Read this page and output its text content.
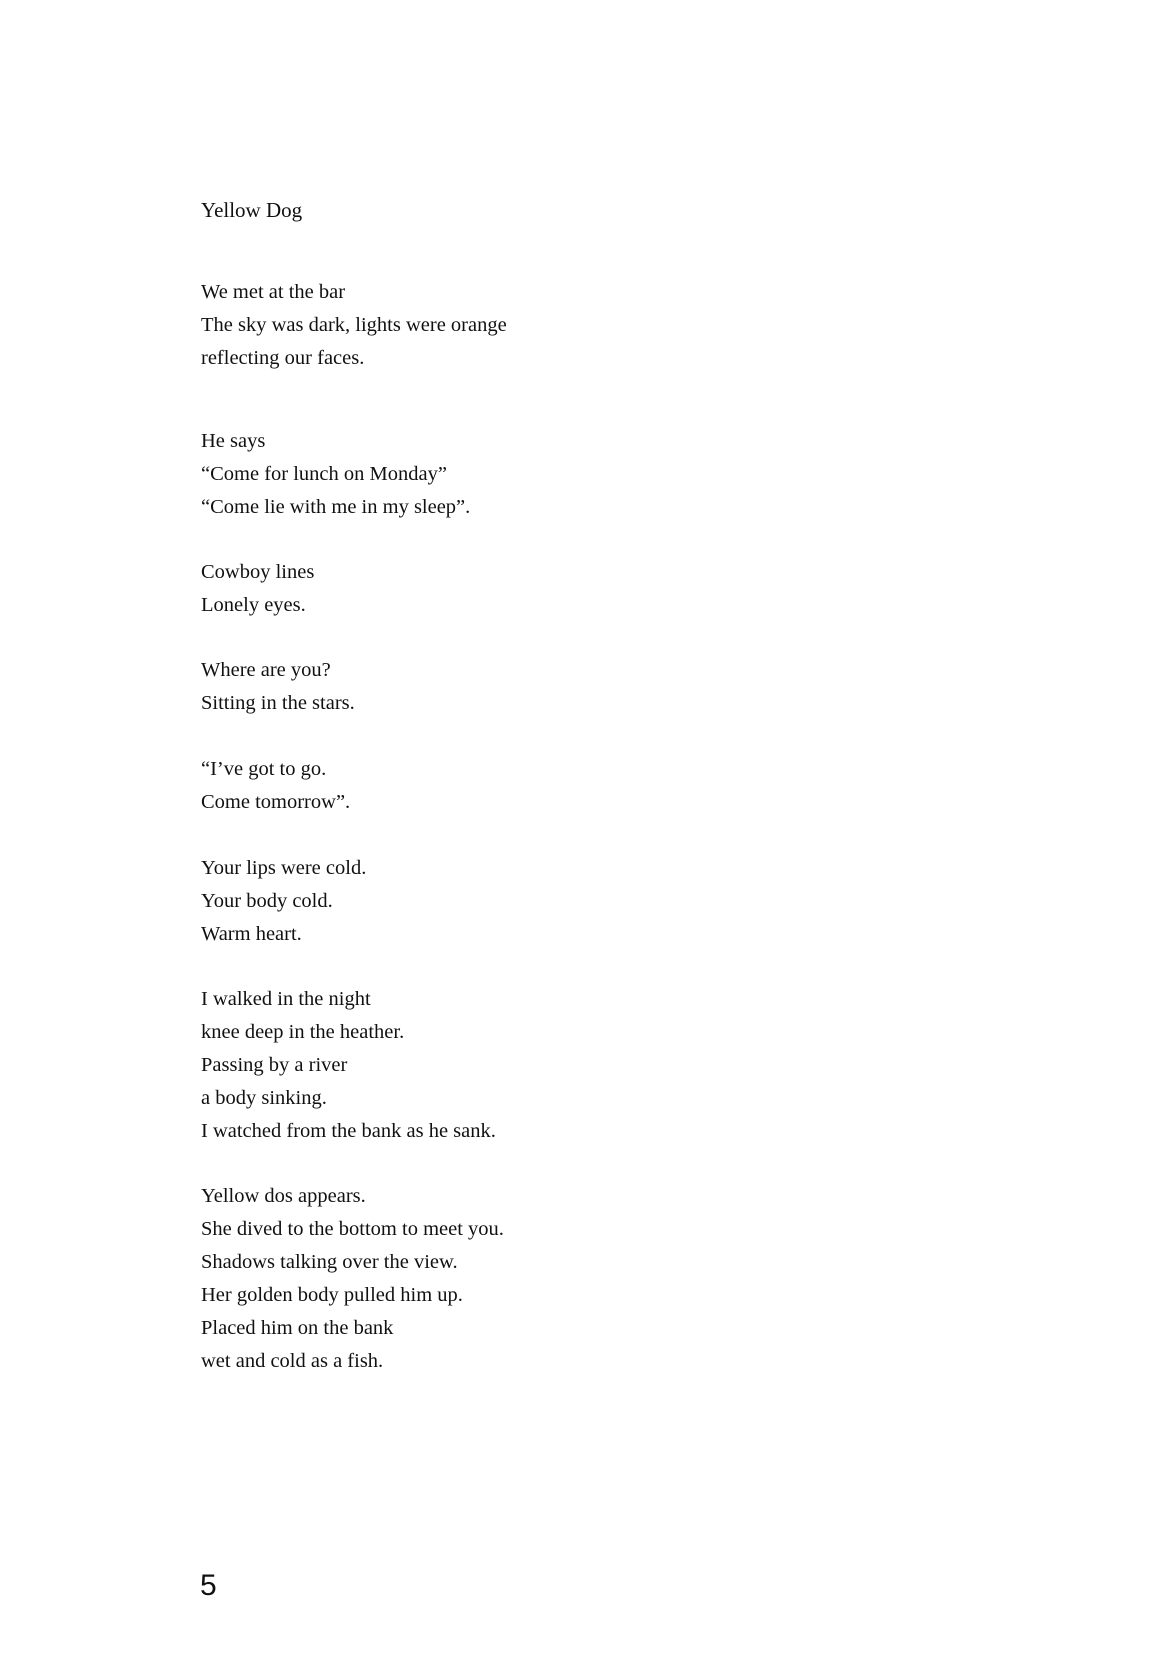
Yellow Dog
We met at the bar
The sky was dark, lights were orange
reflecting our faces.
He says
“Come for lunch on Monday”
“Come lie with me in my sleep”.
Cowboy lines
Lonely eyes.
Where are you?
Sitting in the stars.
“I’ve got to go.
Come tomorrow”.
Your lips were cold.
Your body cold.
Warm heart.
I walked in the night
knee deep in the heather.
Passing by a river
a body sinking.
I watched from the bank as he sank.
Yellow dos appears.
She dived to the bottom to meet you.
Shadows talking over the view.
Her golden body pulled him up.
Placed him on the bank
wet and cold as a fish.
5
